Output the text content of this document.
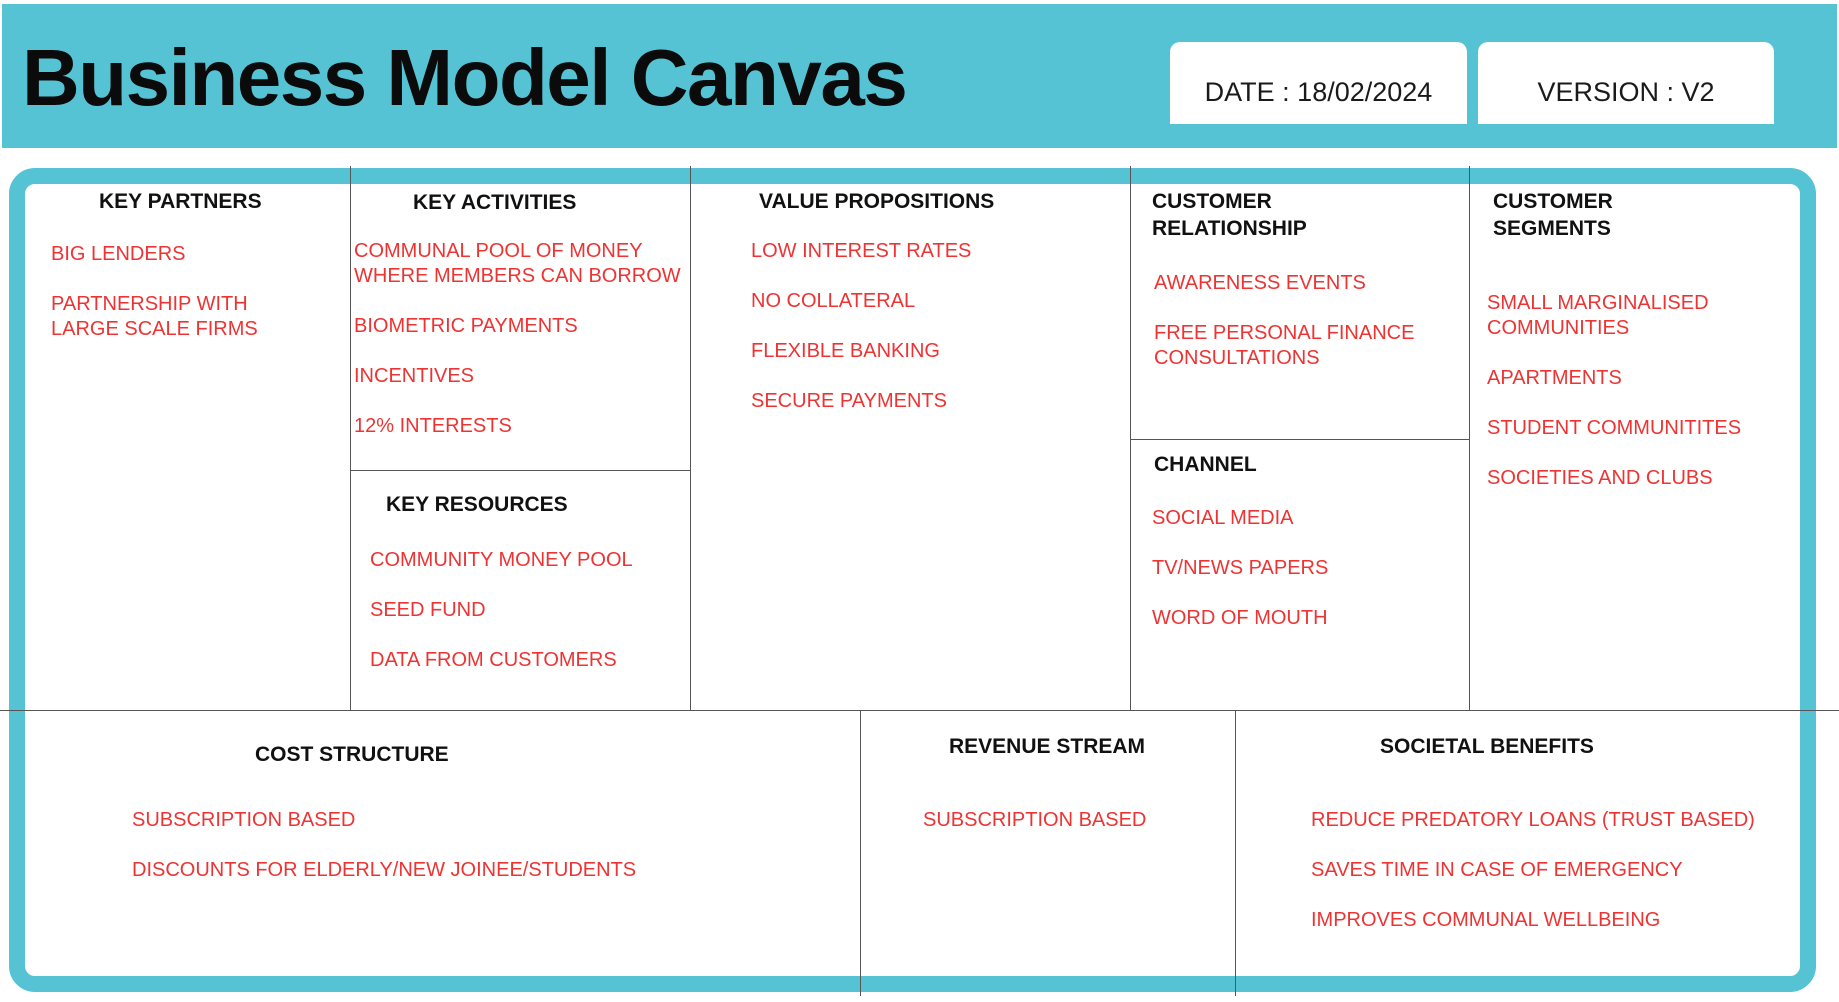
Business Model Canvas	DATE : 18/02/2024	VERSION : V2
KEY PARTNERS
BIG LENDERS
PARTNERSHIP WITH
LARGE SCALE FIRMS
KEY ACTIVITIES
COMMUNAL POOL OF MONEY
WHERE MEMBERS CAN BORROW
BIOMETRIC PAYMENTS
INCENTIVES
12% INTERESTS
KEY RESOURCES
COMMUNITY MONEY POOL
SEED FUND
DATA FROM CUSTOMERS
VALUE PROPOSITIONS
LOW INTEREST RATES
NO COLLATERAL
FLEXIBLE BANKING
SECURE PAYMENTS
CUSTOMER
RELATIONSHIP
AWARENESS EVENTS
FREE PERSONAL FINANCE
CONSULTATIONS
CHANNEL
SOCIAL MEDIA
TV/NEWS PAPERS
WORD OF MOUTH
CUSTOMER
SEGMENTS
SMALL MARGINALISED
COMMUNITIES
APARTMENTS
STUDENT COMMUNITITES
SOCIETIES AND CLUBS
COST STRUCTURE
SUBSCRIPTION BASED
DISCOUNTS FOR ELDERLY/NEW JOINEE/STUDENTS
REVENUE STREAM
SUBSCRIPTION BASED
SOCIETAL BENEFITS
REDUCE PREDATORY LOANS (TRUST BASED)
SAVES TIME IN CASE OF EMERGENCY
IMPROVES COMMUNAL WELLBEING
